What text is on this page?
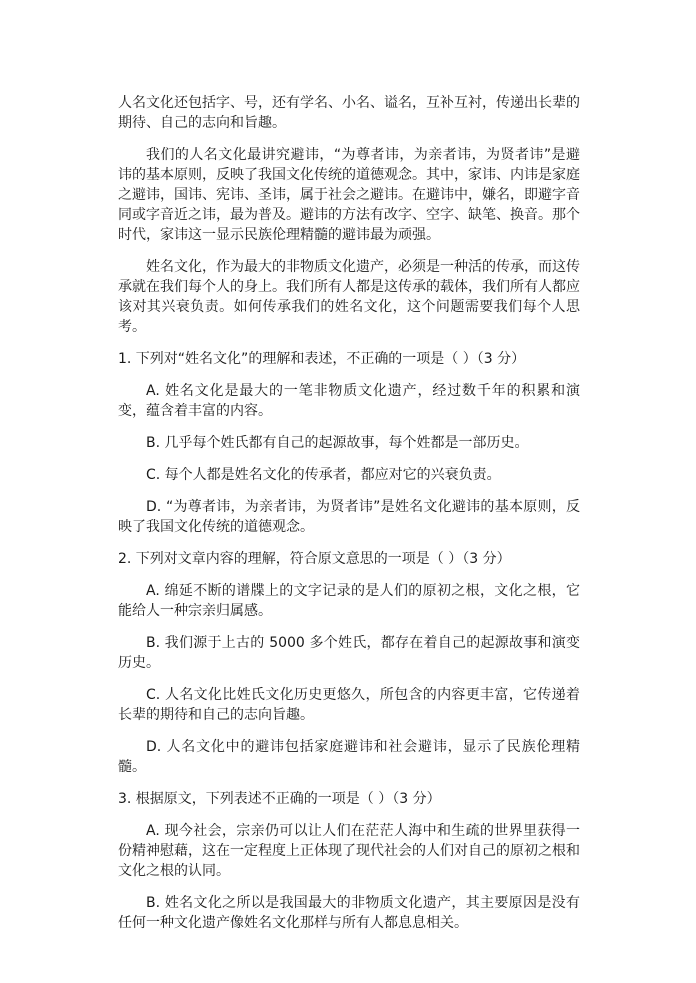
人名文化还包括字、号，还有学名、小名、谥名，互补互衬，传递出长辈的期待、自己的志向和旨趣。

我们的人名文化最讲究避讳，“为尊者讳，为亲者讳，为贤者讳”是避讳的基本原则，反映了我国文化传统的道德观念。其中，家讳、内讳是家庭之避讳，国讳、宪讳、圣讳，属于社会之避讳。在避讳中，嫌名，即避字音同或字音近之讳，最为普及。避讳的方法有改字、空字、缺笔、换音。那个时代，家讳这一显示民族伦理精髓的避讳最为顽强。

姓名文化，作为最大的非物质文化遗产，必须是一种活的传承，而这传承就在我们每个人的身上。我们所有人都是这传承的载体，我们所有人都应该对其兴衰负责。如何传承我们的姓名文化，这个问题需要我们每个人思考。

1. 下列对“姓名文化”的理解和表述，不正确的一项是（ ）（3 分）

A. 姓名文化是最大的一笔非物质文化遗产，经过数千年的积累和演变，蕴含着丰富的内容。

B. 几乎每个姓氏都有自己的起源故事，每个姓都是一部历史。

C. 每个人都是姓名文化的传承者，都应对它的兴衰负责。

D. “为尊者讳，为亲者讳，为贤者讳”是姓名文化避讳的基本原则，反映了我国文化传统的道德观念。

2. 下列对文章内容的理解，符合原文意思的一项是（ ）（3 分）

A. 绵延不断的谱牒上的文字记录的是人们的原初之根，文化之根，它能给人一种宗亲归属感。

B. 我们源于上古的 5000 多个姓氏，都存在着自己的起源故事和演变历史。

C. 人名文化比姓氏文化历史更悠久，所包含的内容更丰富，它传递着长辈的期待和自己的志向旨趣。

D. 人名文化中的避讳包括家庭避讳和社会避讳，显示了民族伦理精髓。

3. 根据原文，下列表述不正确的一项是（ ）（3 分）

A. 现今社会，宗亲仍可以让人们在茫茫人海中和生疏的世界里获得一份精神慰藉，这在一定程度上正体现了现代社会的人们对自己的原初之根和文化之根的认同。

B. 姓名文化之所以是我国最大的非物质文化遗产，其主要原因是没有任何一种文化遗产像姓名文化那样与所有人都息息相关。
